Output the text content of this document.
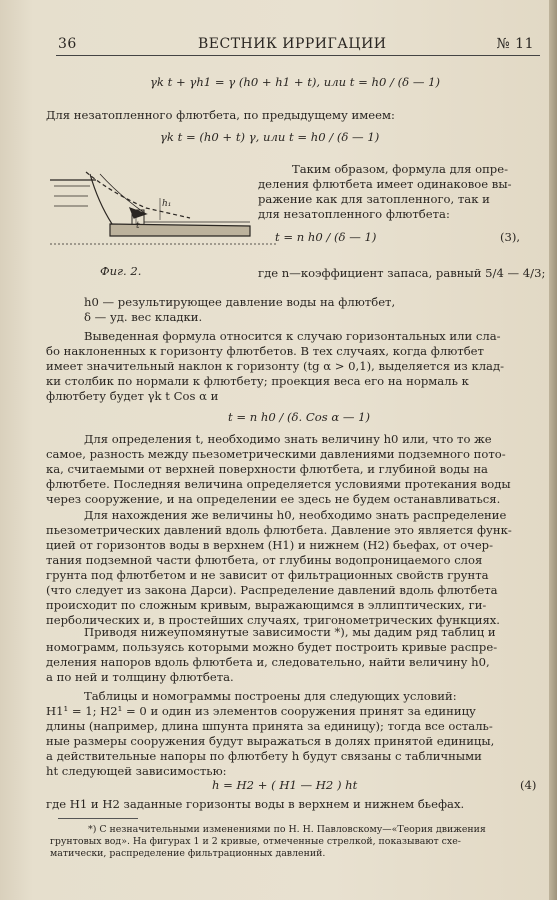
36	ВЕСТНИК ИРРИГАЦИИ	№ 11
γk t + γh1 = γ (h0 + h1 + t), или t = h0 / (δ — 1)
Для незатопленного флютбета, по предыдущему имеем:
γk t = (h0 + t) γ, или t = h0 / (δ — 1)
Таким образом, формула для опре-
деления флютбета имеет одинаковое вы-
ражение как для затопленного, так и
для незатопленного флютбета:
t = n h0 / (δ — 1)	(3),
h₁
t
Фиг. 2.	где n—коэффициент запаса, равный 5/4 — 4/3;
h0 — результирующее давление воды на флютбет,
δ — уд. вес кладки.
Выведенная формула относится к случаю горизонтальных или сла-
бо наклоненных к горизонту флютбетов. В тех случаях, когда флютбет
имеет значительный наклон к горизонту (tg α > 0,1), выделяется из клад-
ки столбик по нормали к флютбету; проекция веса его на нормаль к
флютбету будет γk t Cos α и
t = n h0 / (δ. Cos α — 1)
Для определения t, необходимо знать величину h0 или, что то же
самое, разность между пьезометрическими давлениями подземного пото-
ка, считаемыми от верхней поверхности флютбета, и глубиной воды на
флютбете. Последняя величина определяется условиями протекания воды
через сооружение, и на определении ее здесь не будем останавливаться.
Для нахождения же величины h0, необходимо знать распределение
пьезометрических давлений вдоль флютбета. Давление это является функ-
цией от горизонтов воды в верхнем (H1) и нижнем (H2) бьефах, от очер-
тания подземной части флютбета, от глубины водопроницаемого слоя
грунта под флютбетом и не зависит от фильтрационных свойств грунта
(что следует из закона Дарси). Распределение давлений вдоль флютбета
происходит по сложным кривым, выражающимся в эллиптических, ги-
перболических и, в простейших случаях, тригонометрических функциях.
Приводя нижеупомянутые зависимости *), мы дадим ряд таблиц и
номограмм, пользуясь которыми можно будет построить кривые распре-
деления напоров вдоль флютбета и, следовательно, найти величину h0,
а по ней и толщину флютбета.
Таблицы и номограммы построены для следующих условий:
H1¹ = 1; H2¹ = 0 и один из элементов сооружения принят за единицу
длины (например, длина шпунта принята за единицу); тогда все осталь-
ные размеры сооружения будут выражаться в долях принятой единицы,
а действительные напоры по флютбету h будут связаны с табличными
ht следующей зависимостью:
h = H2 + ( H1 — H2 ) ht	(4)
где H1 и H2 заданные горизонты воды в верхнем и нижнем бьефах.
*) С незначительными изменениями по Н. Н. Павловскому—«Теория движения
грунтовых вод». На фигурах 1 и 2 кривые, отмеченные стрелкой, показывают схе-
матически, распределение фильтрационных давлений.
